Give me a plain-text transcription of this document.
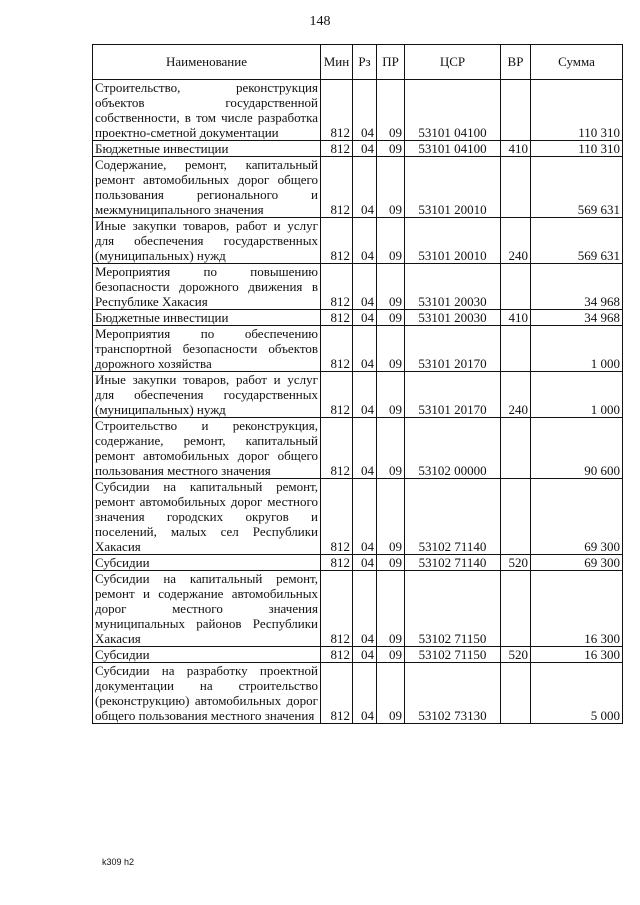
148
Наименование	Мин	Рз	ПР	ЦСР	ВР	Сумма
Строительство, реконструкция объектов государственной собственности, в том числе разработка проектно-сметной документации	812	04	09	53101 04100		110 310
Бюджетные инвестиции	812	04	09	53101 04100	410	110 310
Содержание, ремонт, капитальный ремонт автомобильных дорог общего пользования регионального и межмуниципального значения	812	04	09	53101 20010		569 631
Иные закупки товаров, работ и услуг для обеспечения государственных (муниципальных) нужд	812	04	09	53101 20010	240	569 631
Мероприятия по повышению безопасности дорожного движения в Республике Хакасия	812	04	09	53101 20030		34 968
Бюджетные инвестиции	812	04	09	53101 20030	410	34 968
Мероприятия по обеспечению транспортной безопасности объектов дорожного хозяйства	812	04	09	53101 20170		1 000
Иные закупки товаров, работ и услуг для обеспечения государственных (муниципальных) нужд	812	04	09	53101 20170	240	1 000
Строительство и реконструкция, содержание, ремонт, капитальный ремонт автомобильных дорог общего пользования местного значения	812	04	09	53102 00000		90 600
Субсидии на капитальный ремонт, ремонт автомобильных дорог местного значения городских округов и поселений, малых сел Республики Хакасия	812	04	09	53102 71140		69 300
Субсидии	812	04	09	53102 71140	520	69 300
Субсидии на капитальный ремонт, ремонт и содержание автомобильных дорог местного значения муниципальных районов Республики Хакасия	812	04	09	53102 71150		16 300
Субсидии	812	04	09	53102 71150	520	16 300
Субсидии на разработку проектной документации на строительство (реконструкцию) автомобильных дорог общего пользования местного значения	812	04	09	53102 73130		5 000
k309 h2
